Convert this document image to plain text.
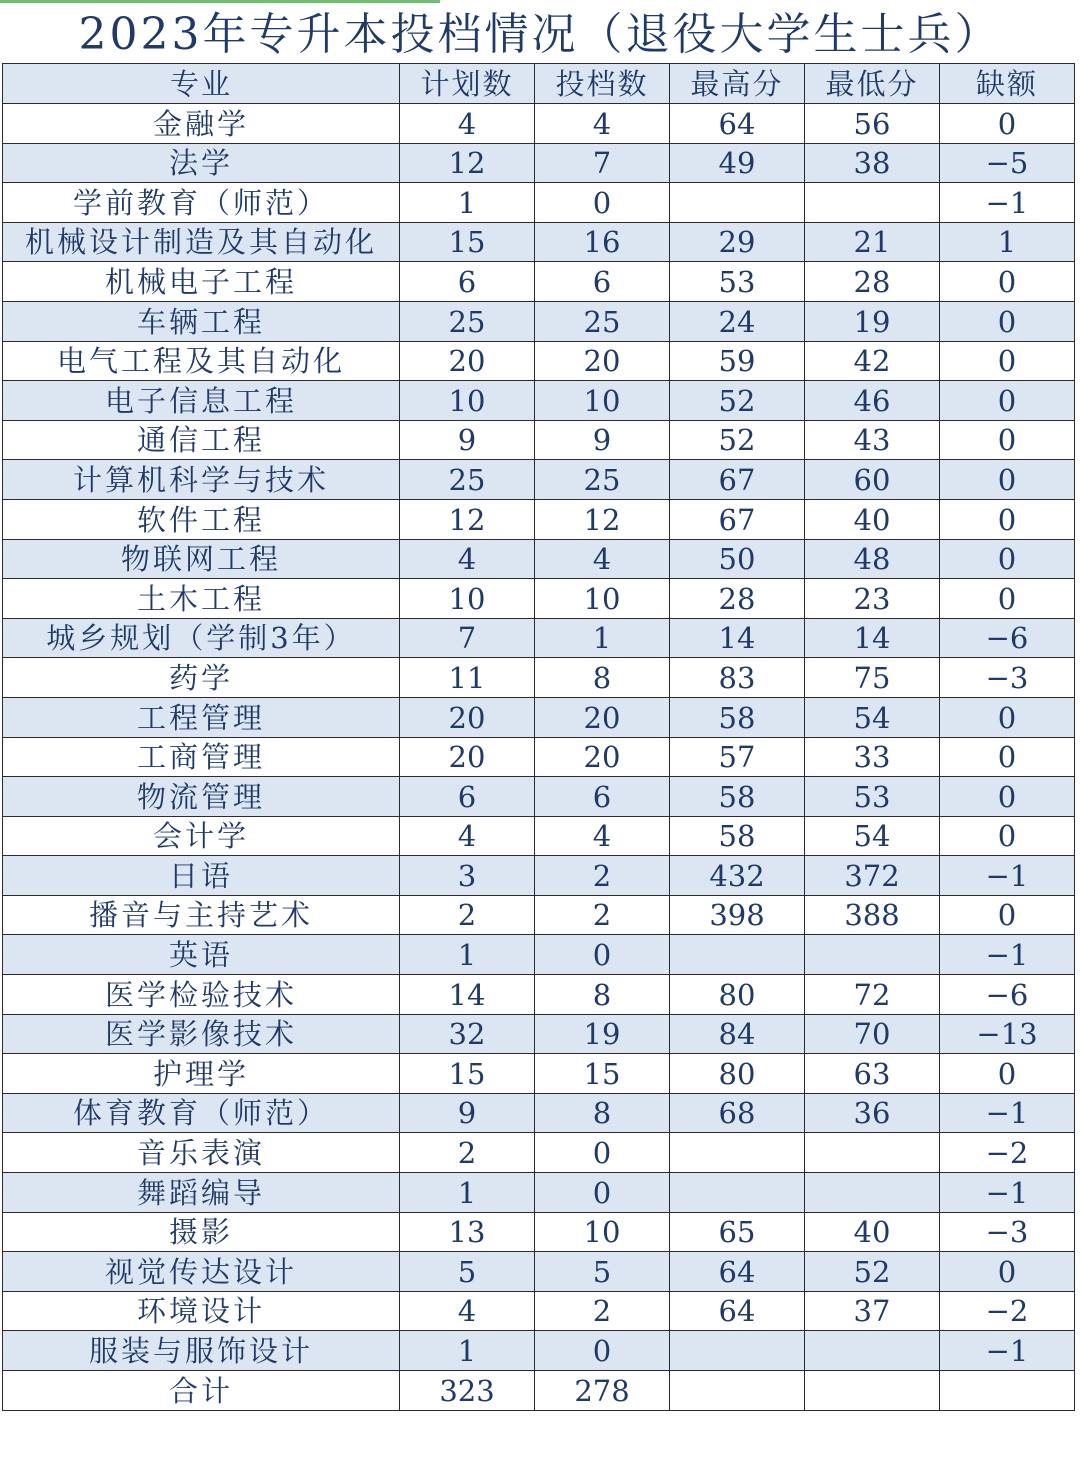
2023年专升本投档情况（退役大学生士兵）
专业	计划数	投档数	最高分	最低分	缺额
金融学	4	4	64	56	0
法学	12	7	49	38	−5
学前教育（师范）	1	0			−1
机械设计制造及其自动化	15	16	29	21	1
机械电子工程	6	6	53	28	0
车辆工程	25	25	24	19	0
电气工程及其自动化	20	20	59	42	0
电子信息工程	10	10	52	46	0
通信工程	9	9	52	43	0
计算机科学与技术	25	25	67	60	0
软件工程	12	12	67	40	0
物联网工程	4	4	50	48	0
土木工程	10	10	28	23	0
城乡规划（学制3年）	7	1	14	14	−6
药学	11	8	83	75	−3
工程管理	20	20	58	54	0
工商管理	20	20	57	33	0
物流管理	6	6	58	53	0
会计学	4	4	58	54	0
日语	3	2	432	372	−1
播音与主持艺术	2	2	398	388	0
英语	1	0			−1
医学检验技术	14	8	80	72	−6
医学影像技术	32	19	84	70	−13
护理学	15	15	80	63	0
体育教育（师范）	9	8	68	36	−1
音乐表演	2	0			−2
舞蹈编导	1	0			−1
摄影	13	10	65	40	−3
视觉传达设计	5	5	64	52	0
环境设计	4	2	64	37	−2
服装与服饰设计	1	0			−1
合计	323	278			
